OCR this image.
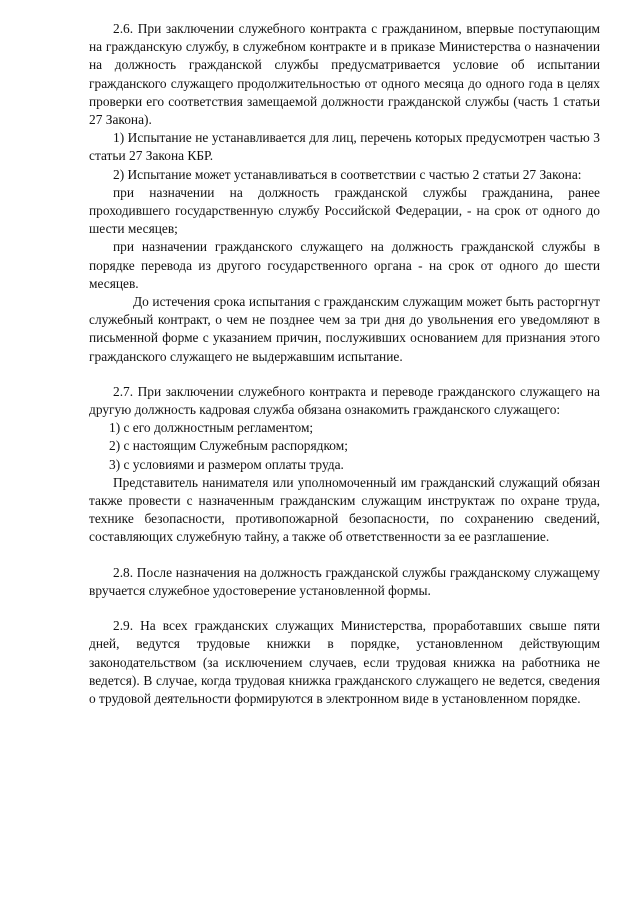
2.6. При заключении служебного контракта с гражданином, впервые поступающим на гражданскую службу, в служебном контракте и в приказе Министерства о назначении на должность гражданской службы предусматривается условие об испытании гражданского служащего продолжительностью от одного месяца до одного года в целях проверки его соответствия замещаемой должности гражданской службы (часть 1 статьи 27 Закона).

1) Испытание не устанавливается для лиц, перечень которых предусмотрен частью 3 статьи 27 Закона КБР.

2) Испытание может устанавливаться в соответствии с частью 2 статьи 27 Закона:

при назначении на должность гражданской службы гражданина, ранее проходившего государственную службу Российской Федерации, - на срок от одного до шести месяцев;

при назначении гражданского служащего на должность гражданской службы в порядке перевода из другого государственного органа - на срок от одного до шести месяцев.

До истечения срока испытания с гражданским служащим может быть расторгнут служебный контракт, о чем не позднее чем за три дня до увольнения его уведомляют в письменной форме с указанием причин, послуживших основанием для признания этого гражданского служащего не выдержавшим испытание.

2.7. При заключении служебного контракта и переводе гражданского служащего на другую должность кадровая служба обязана ознакомить гражданского служащего:

1) с его должностным регламентом;

2) с настоящим Служебным распорядком;

3) с условиями и размером оплаты труда.

Представитель нанимателя или уполномоченный им гражданский служащий обязан также провести с назначенным гражданским служащим инструктаж по охране труда, технике безопасности, противопожарной безопасности, по сохранению сведений, составляющих служебную тайну, а также об ответственности за ее разглашение.

2.8. После назначения на должность гражданской службы гражданскому служащему вручается служебное удостоверение установленной формы.

2.9. На всех гражданских служащих Министерства, проработавших свыше пяти дней, ведутся трудовые книжки в порядке, установленном действующим законодательством (за исключением случаев, если трудовая книжка на работника не ведется). В случае, когда трудовая книжка гражданского служащего не ведется, сведения о трудовой деятельности формируются в электронном виде в установленном порядке.
